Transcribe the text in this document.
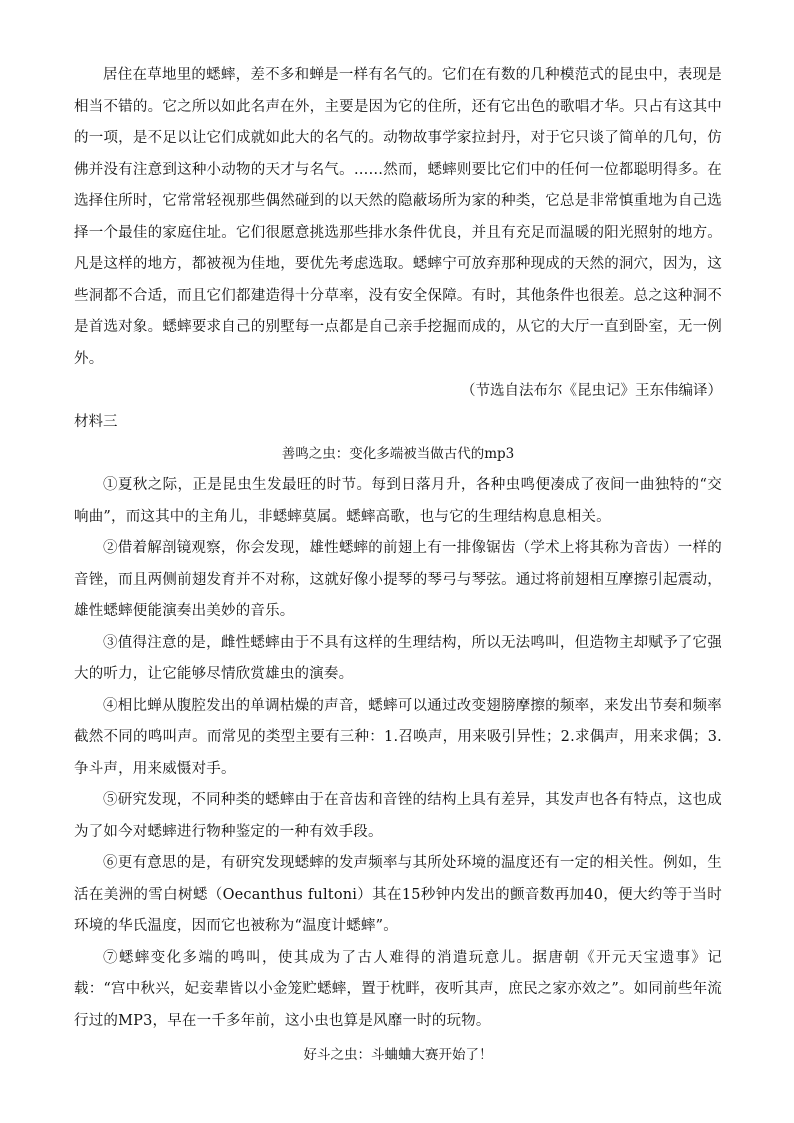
居住在草地里的蟋蟀，差不多和蝉是一样有名气的。它们在有数的几种模范式的昆虫中，表现是相当不错的。它之所以如此名声在外，主要是因为它的住所，还有它出色的歌唱才华。只占有这其中的一项，是不足以让它们成就如此大的名气的。动物故事学家拉封丹，对于它只谈了简单的几句，仿佛并没有注意到这种小动物的天才与名气。……然而，蟋蟀则要比它们中的任何一位都聪明得多。在选择住所时，它常常轻视那些偶然碰到的以天然的隐蔽场所为家的种类，它总是非常慎重地为自己选择一个最佳的家庭住址。它们很愿意挑选那些排水条件优良，并且有充足而温暖的阳光照射的地方。凡是这样的地方，都被视为佳地，要优先考虑选取。蟋蟀宁可放弃那种现成的天然的洞穴，因为，这些洞都不合适，而且它们都建造得十分草率，没有安全保障。有时，其他条件也很差。总之这种洞不是首选对象。蟋蟀要求自己的别墅每一点都是自己亲手挖掘而成的，从它的大厅一直到卧室，无一例外。

（节选自法布尔《昆虫记》王东伟编译）

材料三

善鸣之虫：变化多端被当做古代的mp3

①夏秋之际，正是昆虫生发最旺的时节。每到日落月升，各种虫鸣便凑成了夜间一曲独特的“交响曲”，而这其中的主角儿，非蟋蟀莫属。蟋蟀高歌，也与它的生理结构息息相关。

②借着解剖镜观察，你会发现，雄性蟋蟀的前翅上有一排像锯齿（学术上将其称为音齿）一样的音锉，而且两侧前翅发育并不对称，这就好像小提琴的琴弓与琴弦。通过将前翅相互摩擦引起震动，雄性蟋蟀便能演奏出美妙的音乐。

③值得注意的是，雌性蟋蟀由于不具有这样的生理结构，所以无法鸣叫，但造物主却赋予了它强大的听力，让它能够尽情欣赏雄虫的演奏。

④相比蝉从腹腔发出的单调枯燥的声音，蟋蟀可以通过改变翅膀摩擦的频率，来发出节奏和频率截然不同的鸣叫声。而常见的类型主要有三种：1.召唤声，用来吸引异性；2.求偶声，用来求偶；3.争斗声，用来威慑对手。

⑤研究发现，不同种类的蟋蟀由于在音齿和音锉的结构上具有差异，其发声也各有特点，这也成为了如今对蟋蟀进行物种鉴定的一种有效手段。

⑥更有意思的是，有研究发现蟋蟀的发声频率与其所处环境的温度还有一定的相关性。例如，生活在美洲的雪白树蟋（Oecanthus fultoni）其在15秒钟内发出的颤音数再加40，便大约等于当时环境的华氏温度，因而它也被称为“温度计蟋蟀”。

⑦蟋蟀变化多端的鸣叫，使其成为了古人难得的消遣玩意儿。据唐朝《开元天宝遗事》记载：“宫中秋兴，妃妾辈皆以小金笼贮蟋蟀，置于枕畔，夜听其声，庶民之家亦效之”。如同前些年流行过的MP3，早在一千多年前，这小虫也算是风靡一时的玩物。

好斗之虫：斗蛐蛐大赛开始了！
